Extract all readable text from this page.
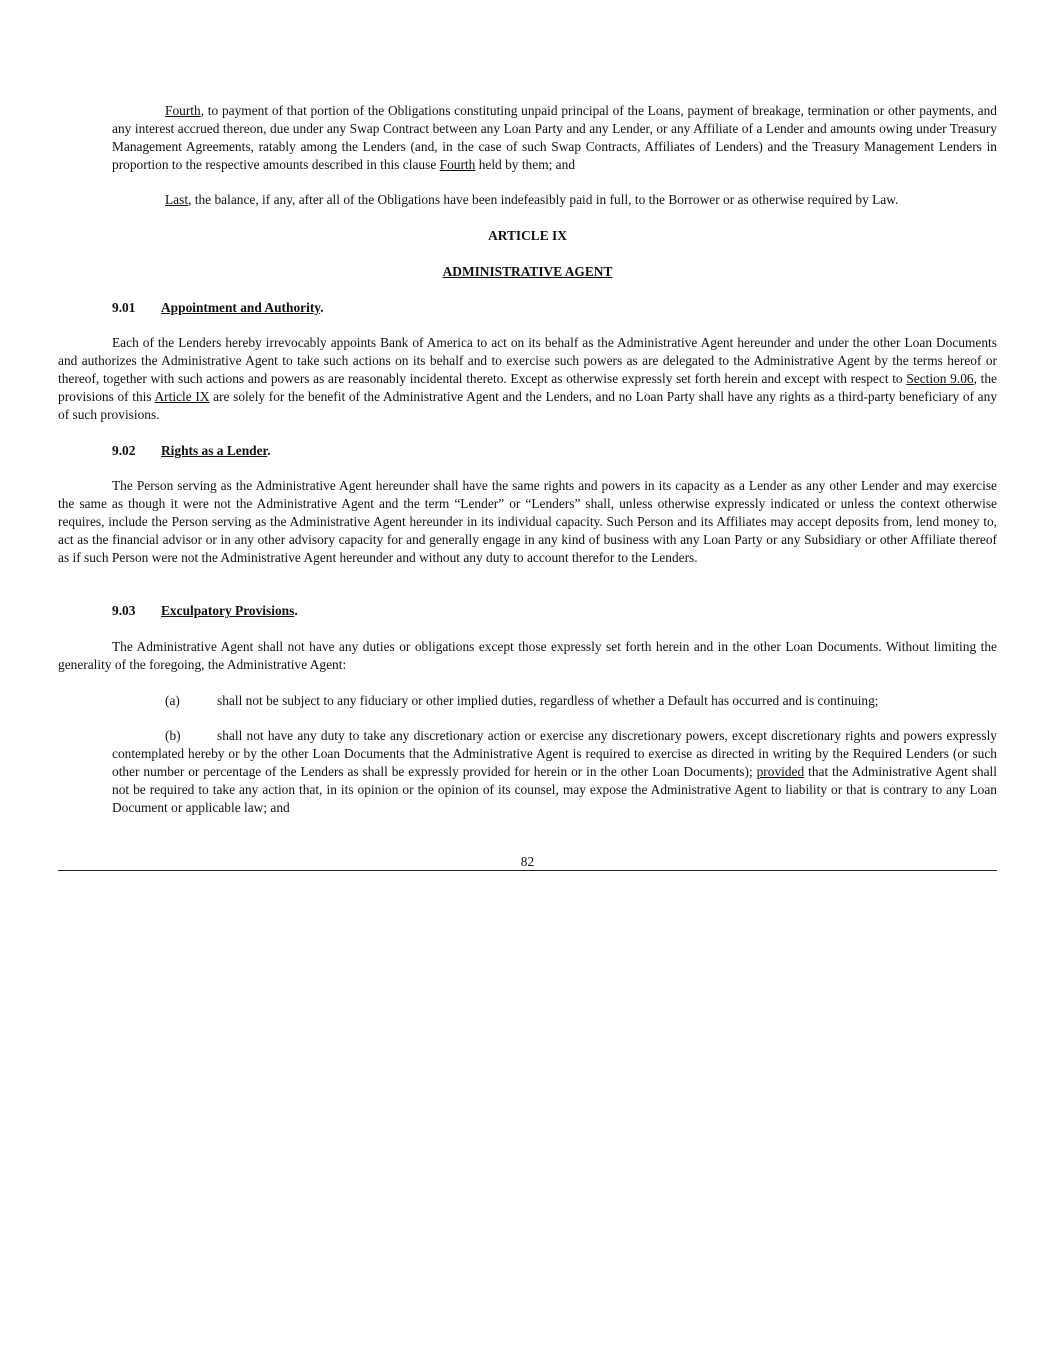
Fourth, to payment of that portion of the Obligations constituting unpaid principal of the Loans, payment of breakage, termination or other payments, and any interest accrued thereon, due under any Swap Contract between any Loan Party and any Lender, or any Affiliate of a Lender and amounts owing under Treasury Management Agreements, ratably among the Lenders (and, in the case of such Swap Contracts, Affiliates of Lenders) and the Treasury Management Lenders in proportion to the respective amounts described in this clause Fourth held by them; and

Last, the balance, if any, after all of the Obligations have been indefeasibly paid in full, to the Borrower or as otherwise required by Law.

ARTICLE IX
ADMINISTRATIVE AGENT
9.01 Appointment and Authority.

Each of the Lenders hereby irrevocably appoints Bank of America to act on its behalf as the Administrative Agent hereunder and under the other Loan Documents and authorizes the Administrative Agent to take such actions on its behalf and to exercise such powers as are delegated to the Administrative Agent by the terms hereof or thereof, together with such actions and powers as are reasonably incidental thereto. Except as otherwise expressly set forth herein and except with respect to Section 9.06, the provisions of this Article IX are solely for the benefit of the Administrative Agent and the Lenders, and no Loan Party shall have any rights as a third-party beneficiary of any of such provisions.

9.02 Rights as a Lender.

The Person serving as the Administrative Agent hereunder shall have the same rights and powers in its capacity as a Lender as any other Lender and may exercise the same as though it were not the Administrative Agent and the term “Lender” or “Lenders” shall, unless otherwise expressly indicated or unless the context otherwise requires, include the Person serving as the Administrative Agent hereunder in its individual capacity. Such Person and its Affiliates may accept deposits from, lend money to, act as the financial advisor or in any other advisory capacity for and generally engage in any kind of business with any Loan Party or any Subsidiary or other Affiliate thereof as if such Person were not the Administrative Agent hereunder and without any duty to account therefor to the Lenders.

9.03 Exculpatory Provisions.

The Administrative Agent shall not have any duties or obligations except those expressly set forth herein and in the other Loan Documents. Without limiting the generality of the foregoing, the Administrative Agent:

(a)	shall not be subject to any fiduciary or other implied duties, regardless of whether a Default has occurred and is continuing;

(b)	shall not have any duty to take any discretionary action or exercise any discretionary powers, except discretionary rights and powers expressly contemplated hereby or by the other Loan Documents that the Administrative Agent is required to exercise as directed in writing by the Required Lenders (or such other number or percentage of the Lenders as shall be expressly provided for herein or in the other Loan Documents); provided that the Administrative Agent shall not be required to take any action that, in its opinion or the opinion of its counsel, may expose the Administrative Agent to liability or that is contrary to any Loan Document or applicable law; and

82
